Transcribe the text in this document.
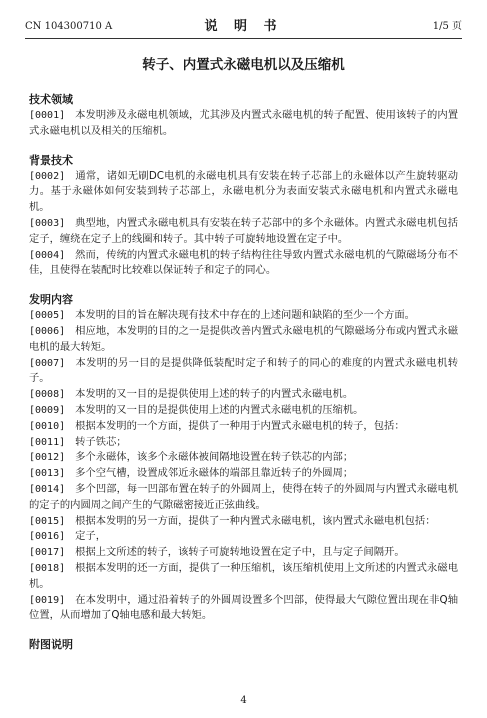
CN 104300710 A	说 明 书	1/5 页
转子、内置式永磁电机以及压缩机
技术领域
[0001] 本发明涉及永磁电机领域，尤其涉及内置式永磁电机的转子配置、使用该转子的内置式永磁电机以及相关的压缩机。
背景技术
[0002] 通常，诸如无刷DC电机的永磁电机具有安装在转子芯部上的永磁体以产生旋转驱动力。基于永磁体如何安装到转子芯部上，永磁电机分为表面安装式永磁电机和内置式永磁电机。
[0003] 典型地，内置式永磁电机具有安装在转子芯部中的多个永磁体。内置式永磁电机包括定子，缠绕在定子上的线圈和转子。其中转子可旋转地设置在定子中。
[0004] 然而，传统的内置式永磁电机的转子结构往往导致内置式永磁电机的气隙磁场分布不佳，且使得在装配时比较难以保证转子和定子的同心。
发明内容
[0005] 本发明的目的旨在解决现有技术中存在的上述问题和缺陷的至少一个方面。
[0006] 相应地，本发明的目的之一是提供改善内置式永磁电机的气隙磁场分布或内置式永磁电机的最大转矩。
[0007] 本发明的另一目的是提供降低装配时定子和转子的同心的难度的内置式永磁电机转子。
[0008] 本发明的又一目的是提供使用上述的转子的内置式永磁电机。
[0009] 本发明的又一目的是提供使用上述的内置式永磁电机的压缩机。
[0010] 根据本发明的一个方面，提供了一种用于内置式永磁电机的转子，包括：
[0011] 转子铁芯；
[0012] 多个永磁体，该多个永磁体被间隔地设置在转子铁芯的内部；
[0013] 多个空气槽，设置成邻近永磁体的端部且靠近转子的外圆周；
[0014] 多个凹部，每一凹部布置在转子的外圆周上，使得在转子的外圆周与内置式永磁电机的定子的内圆周之间产生的气隙磁密接近正弦曲线。
[0015] 根据本发明的另一方面，提供了一种内置式永磁电机，该内置式永磁电机包括：
[0016] 定子，
[0017] 根据上文所述的转子，该转子可旋转地设置在定子中，且与定子间隔开。
[0018] 根据本发明的还一方面，提供了一种压缩机，该压缩机使用上文所述的内置式永磁电机。
[0019] 在本发明中，通过沿着转子的外圆周设置多个凹部，使得最大气隙位置出现在非Q轴位置，从而增加了Q轴电感和最大转矩。
附图说明
4
